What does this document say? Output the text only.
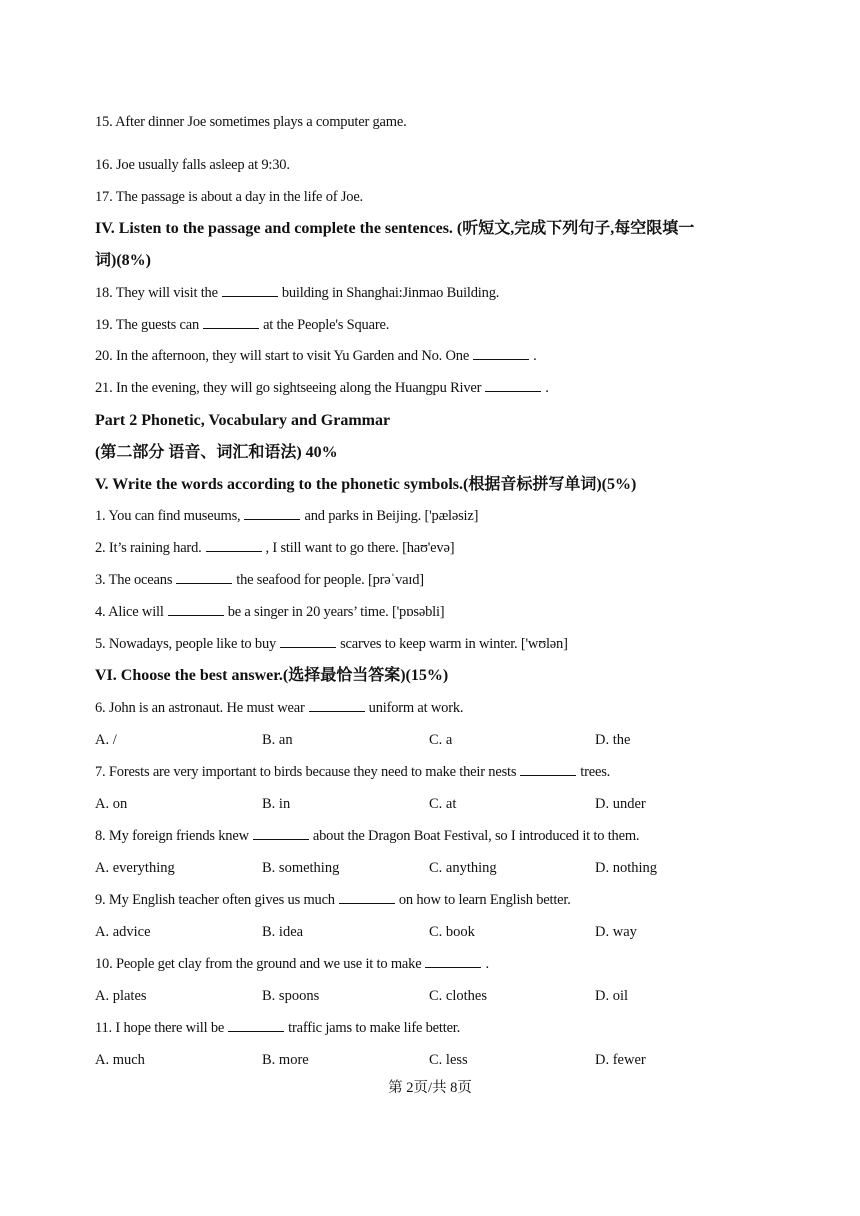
15. After dinner Joe sometimes plays a computer game.
16. Joe usually falls asleep at 9:30.
17. The passage is about a day in the life of Joe.
IV. Listen to the passage and complete the sentences. (听短文,完成下列句子,每空限填一
词)(8%)
18. They will visit the	building in Shanghai:Jinmao Building.
19. The guests can	at the People's Square.
20. In the afternoon, they will start to visit Yu Garden and No. One	.
21. In the evening, they will go sightseeing along the Huangpu River	.
Part 2 Phonetic, Vocabulary and Grammar
(第二部分 语音、词汇和语法) 40%
V. Write the words according to the phonetic symbols.(根据音标拼写单词)(5%)
1. You can find museums,	and parks in Beijing. ['pæləsiz]
2. It’s raining hard.	, I still want to go there. [haʊ'evə]
3. The oceans	the seafood for people. [prəˈvaɪd]
4. Alice will	be a singer in 20 years’ time. ['pɒsəbli]
5. Nowadays, people like to buy	scarves to keep warm in winter. ['wʊlən]
VI. Choose the best answer.(选择最恰当答案)(15%)
6. John is an astronaut. He must wear	uniform at work.
A. /	B. an	C. a	D. the
7. Forests are very important to birds because they need to make their nests	trees.
A. on	B. in	C. at	D. under
8. My foreign friends knew	about the Dragon Boat Festival, so I introduced it to them.
A. everything	B. something	C. anything	D. nothing
9. My English teacher often gives us much	on how to learn English better.
A. advice	B. idea	C. book	D. way
10. People get clay from the ground and we use it to make	.
A. plates	B. spoons	C. clothes	D. oil
11. I hope there will be	traffic jams to make life better.
A. much	B. more	C. less	D. fewer
第 2页/共 8页
